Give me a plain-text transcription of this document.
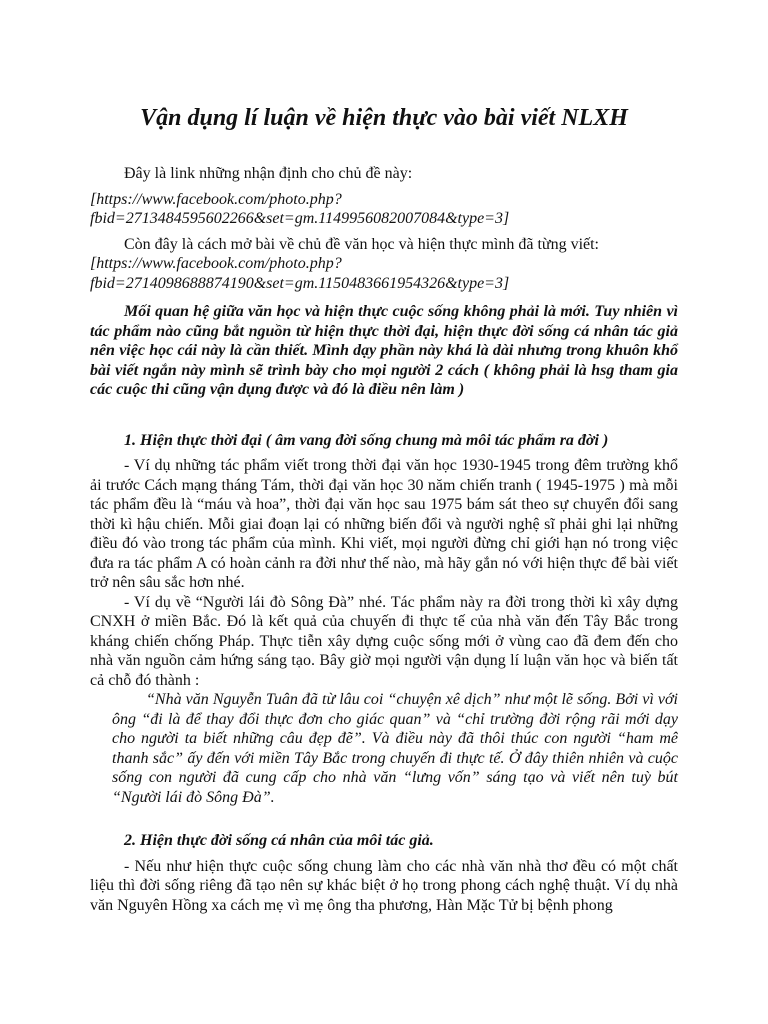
Vận dụng lí luận về hiện thực vào bài viết NLXH

Đây là link những nhận định cho chủ đề này:

[https://www.facebook.com/photo.php?
fbid=2713484595602266&set=gm.1149956082007084&type=3]

Còn đây là cách mở bài về chủ đề văn học và hiện thực mình đã từng viết:

[https://www.facebook.com/photo.php?
fbid=2714098688874190&set=gm.1150483661954326&type=3]

Mối quan hệ giữa văn học và hiện thực cuộc sống không phải là mới. Tuy nhiên vì tác phẩm nào cũng bắt nguồn từ hiện thực thời đại, hiện thực đời sống cá nhân tác giả nên việc học cái này là cần thiết. Mình dạy phần này khá là dài nhưng trong khuôn khổ bài viết ngắn này mình sẽ trình bày cho mọi người 2 cách ( không phải là hsg tham gia các cuộc thi cũng vận dụng được và đó là điều nên làm )

1. Hiện thực thời đại ( âm vang đời sống chung mà môi tác phẩm ra đời )

- Ví dụ những tác phẩm viết trong thời đại văn học 1930-1945 trong đêm trường khổ ải trước Cách mạng tháng Tám, thời đại văn học 30 năm chiến tranh ( 1945-1975 ) mà mỗi tác phẩm đều là “máu và hoa”, thời đại văn học sau 1975 bám sát theo sự chuyển đổi sang thời kì hậu chiến. Mỗi giai đoạn lại có những biến đổi và người nghệ sĩ phải ghi lại những điều đó vào trong tác phẩm của mình. Khi viết, mọi người đừng chỉ giới hạn nó trong việc đưa ra tác phẩm A có hoàn cảnh ra đời như thế nào, mà hãy gắn nó với hiện thực để bài viết trở nên sâu sắc hơn nhé.

- Ví dụ về “Người lái đò Sông Đà” nhé. Tác phẩm này ra đời trong thời kì xây dựng CNXH ở miền Bắc. Đó là kết quả của chuyến đi thực tế của nhà văn đến Tây Bắc trong kháng chiến chống Pháp. Thực tiễn xây dựng cuộc sống mới ở vùng cao đã đem đến cho nhà văn nguồn cảm hứng sáng tạo. Bây giờ mọi người vận dụng lí luận văn học và biến tất cả chỗ đó thành :

“Nhà văn Nguyễn Tuân đã từ lâu coi “chuyện xê dịch” như một lẽ sống. Bởi vì với ông “đi là để thay đổi thực đơn cho giác quan” và “chỉ trường đời rộng rãi mới dạy cho người ta biết những câu đẹp đẽ”. Và điều này đã thôi thúc con người “ham mê thanh sắc” ấy đến với miền Tây Bắc trong chuyến đi thực tế. Ở đây thiên nhiên và cuộc sống con người đã cung cấp cho nhà văn “lưng vốn” sáng tạo và viết nên tuỳ bút “Người lái đò Sông Đà”.

2. Hiện thực đời sống cá nhân của môi tác giả.

- Nếu như hiện thực cuộc sống chung làm cho các nhà văn nhà thơ đều có một chất liệu thì đời sống riêng đã tạo nên sự khác biệt ở họ trong phong cách nghệ thuật. Ví dụ nhà văn Nguyên Hồng xa cách mẹ vì mẹ ông tha phương, Hàn Mặc Tử bị bệnh phong
